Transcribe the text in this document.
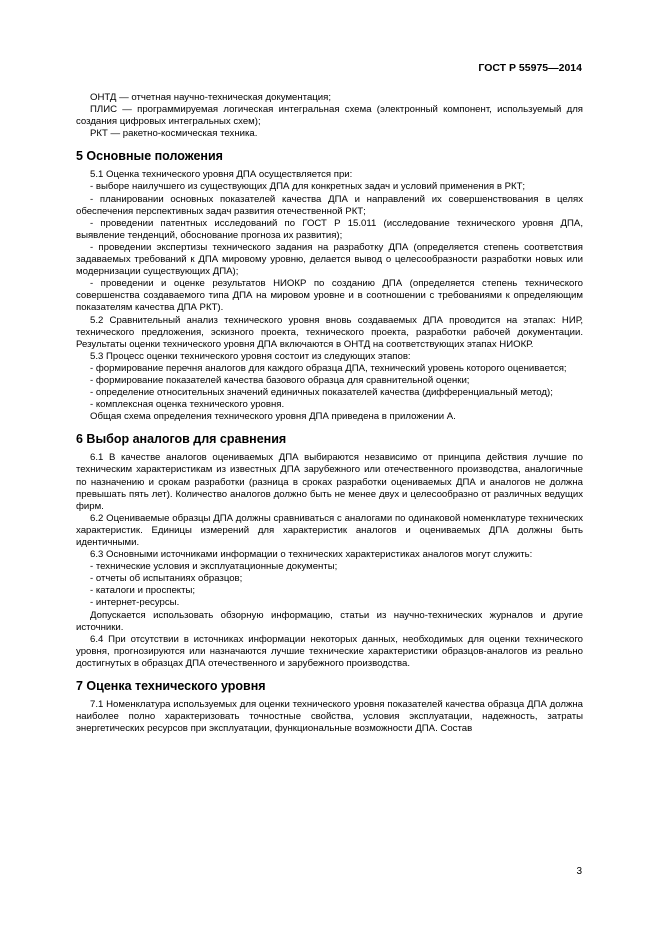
ГОСТ Р 55975—2014

ОНТД — отчетная научно-техническая документация;

ПЛИС — программируемая логическая интегральная схема (электронный компонент, используемый для создания цифровых интегральных схем);

РКТ — ракетно-космическая техника.

5 Основные положения

5.1 Оценка технического уровня ДПА осуществляется при:

- выборе наилучшего из существующих ДПА для конкретных задач и условий применения в РКТ;

- планировании основных показателей качества ДПА и направлений их совершенствования в целях обеспечения перспективных задач развития отечественной РКТ;

- проведении патентных исследований по ГОСТ Р 15.011 (исследование технического уровня ДПА, выявление тенденций, обоснование прогноза их развития);

- проведении экспертизы технического задания на разработку ДПА (определяется степень соответствия задаваемых требований к ДПА мировому уровню, делается вывод о целесообразности разработки новых или модернизации существующих ДПА);

- проведении и оценке результатов НИОКР по созданию ДПА (определяется степень технического совершенства создаваемого типа ДПА на мировом уровне и в соотношении с требованиями к определяющим показателям качества ДПА РКТ).

5.2 Сравнительный анализ технического уровня вновь создаваемых ДПА проводится на этапах: НИР, технического предложения, эскизного проекта, технического проекта, разработки рабочей документации. Результаты оценки технического уровня ДПА включаются в ОНТД на соответствующих этапах НИОКР.

5.3 Процесс оценки технического уровня состоит из следующих этапов:

- формирование перечня аналогов для каждого образца ДПА, технический уровень которого оценивается;

- формирование показателей качества базового образца для сравнительной оценки;

- определение относительных значений единичных показателей качества (дифференциальный метод);

- комплексная оценка технического уровня.

Общая схема определения технического уровня ДПА приведена в приложении А.

6 Выбор аналогов для сравнения

6.1 В качестве аналогов оцениваемых ДПА выбираются независимо от принципа действия лучшие по техническим характеристикам из известных ДПА зарубежного или отечественного производства, аналогичные по назначению и срокам разработки (разница в сроках разработки оцениваемых ДПА и аналогов не должна превышать пять лет). Количество аналогов должно быть не менее двух и целесообразно от различных ведущих фирм.

6.2 Оцениваемые образцы ДПА должны сравниваться с аналогами по одинаковой номенклатуре технических характеристик. Единицы измерений для характеристик аналогов и оцениваемых ДПА должны быть идентичными.

6.3 Основными источниками информации о технических характеристиках аналогов могут служить:

- технические условия и эксплуатационные документы;

- отчеты об испытаниях образцов;

- каталоги и проспекты;

- интернет-ресурсы.

Допускается использовать обзорную информацию, статьи из научно-технических журналов и другие источники.

6.4 При отсутствии в источниках информации некоторых данных, необходимых для оценки технического уровня, прогнозируются или назначаются лучшие технические характеристики образцов-аналогов из реально достигнутых в образцах ДПА отечественного и зарубежного производства.

7 Оценка технического уровня

7.1 Номенклатура используемых для оценки технического уровня показателей качества образца ДПА должна наиболее полно характеризовать точностные свойства, условия эксплуатации, надежность, затраты энергетических ресурсов при эксплуатации, функциональные возможности ДПА. Состав

3
